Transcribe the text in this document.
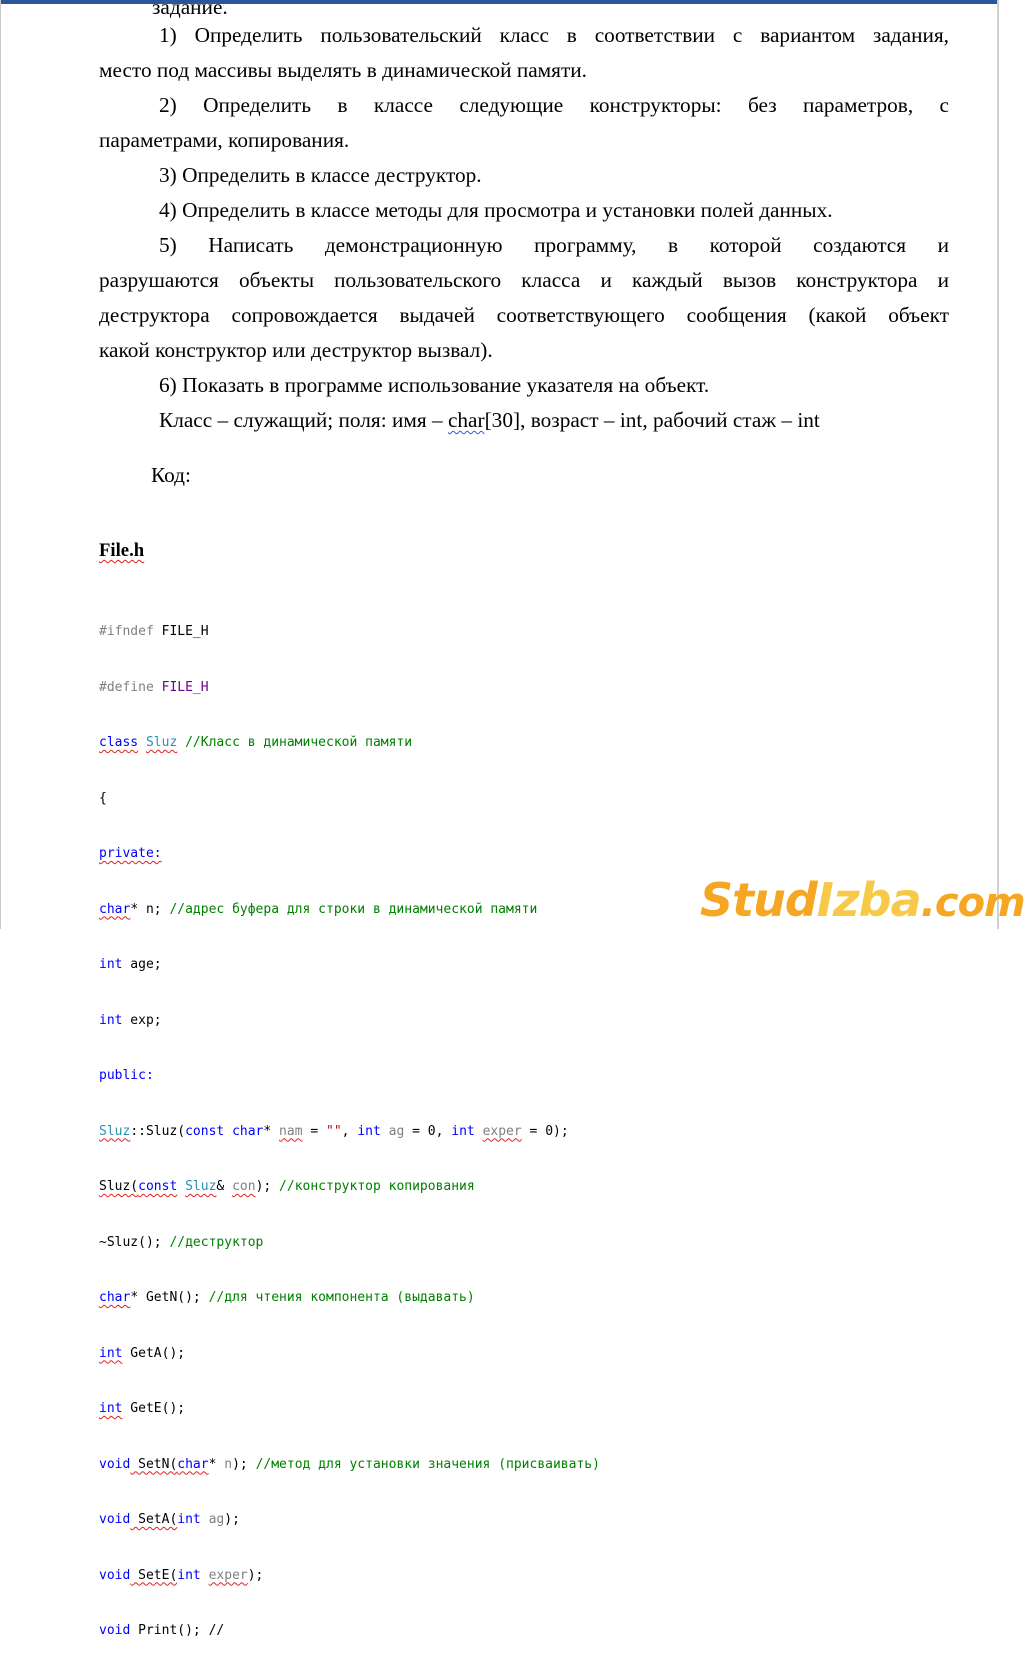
задание.
1) Определить пользовательский класс в соответствии с вариантом задания,
место под массивы выделять в динамической памяти.
2) Определить в классе следующие конструкторы: без параметров, с
параметрами, копирования.
3) Определить в классе деструктор.
4) Определить в классе методы для просмотра и установки полей данных.
5) Написать демонстрационную программу, в которой создаются и
разрушаются объекты пользовательского класса и каждый вызов конструктора и
деструктора сопровождается выдачей соответствующего сообщения (какой объект
какой конструктор или деструктор вызвал).
6) Показать в программе использование указателя на объект.
Класс – служащий; поля: имя – char[30], возраст – int, рабочий стаж – int
Код:
File.h

#ifndef FILE_H

#define FILE_H

class Sluz //Класс в динамической памяти

{

private:

char* n; //адрес буфера для строки в динамической памяти

int age;

int exp;

public:

Sluz::Sluz(const char* nam = "", int ag = 0, int exper = 0);

Sluz(const Sluz& con); //конструктор копирования

~Sluz(); //деструктор

char* GetN(); //для чтения компонента (выдавать)

int GetA();

int GetE();

void SetN(char* n); //метод для установки значения (присваивать)

void SetA(int ag);

void SetE(int exper);

void Print(); //

StudIzba.com
